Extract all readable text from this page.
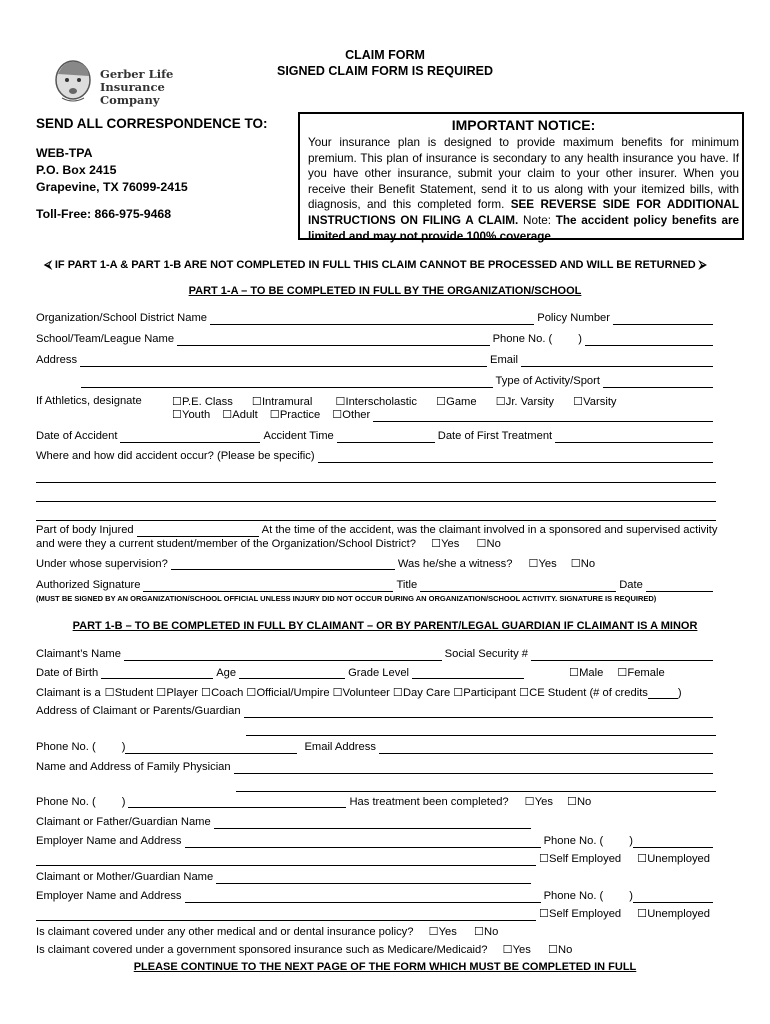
Gerber Life
Insurance Company
CLAIM FORM
SIGNED CLAIM FORM IS REQUIRED
SEND ALL CORRESPONDENCE TO:
WEB-TPA
P.O. Box 2415
Grapevine, TX 76099-2415
Toll-Free: 866-975-9468
IMPORTANT NOTICE:
Your insurance plan is designed to provide maximum benefits for minimum premium. This plan of insurance is secondary to any health insurance you have. If you have other insurance, submit your claim to your other insurer. When you receive their Benefit Statement, send it to us along with your itemized bills, with diagnosis, and this completed form. SEE REVERSE SIDE FOR ADDITIONAL INSTRUCTIONS ON FILING A CLAIM. Note: The accident policy benefits are limited and may not provide 100% coverage.
⮘ IF PART 1-A & PART 1-B ARE NOT COMPLETED IN FULL THIS CLAIM CANNOT BE PROCESSED AND WILL BE RETURNED ⮚
PART 1-A – TO BE COMPLETED IN FULL BY THE ORGANIZATION/SCHOOL
Organization/School District Name	Policy Number
School/Team/League Name	Phone No. ( )
Address	Email
Type of Activity/Sport
If Athletics, designate	☐P.E. Class ☐Intramural ☐Interscholastic ☐Game ☐Jr. Varsity ☐Varsity
☐Youth ☐Adult ☐Practice ☐Other
Date of Accident	Accident Time	Date of First Treatment
Where and how did accident occur? (Please be specific)
Part of body Injured	At the time of the accident, was the claimant involved in a sponsored and supervised activity
and were they a current student/member of the Organization/School District? ☐Yes ☐No
Under whose supervision?	Was he/she a witness? ☐Yes ☐No
Authorized Signature	Title	Date
(MUST BE SIGNED BY AN ORGANIZATION/SCHOOL OFFICIAL UNLESS INJURY DID NOT OCCUR DURING AN ORGANIZATION/SCHOOL ACTIVITY. SIGNATURE IS REQUIRED)
PART 1-B – TO BE COMPLETED IN FULL BY CLAIMANT – OR BY PARENT/LEGAL GUARDIAN IF CLAIMANT IS A MINOR
Claimant’s Name	Social Security #
Date of Birth	Age	Grade Level	☐Male ☐Female
Claimant is a ☐Student ☐Player ☐Coach ☐Official/Umpire ☐Volunteer ☐Day Care ☐Participant ☐CE Student (# of credits	)
Address of Claimant or Parents/Guardian
Phone No. ( )	Email Address
Name and Address of Family Physician
Phone No. ( )	Has treatment been completed? ☐Yes ☐No
Claimant or Father/Guardian Name
Employer Name and Address	Phone No. ( )
☐Self Employed ☐Unemployed
Claimant or Mother/Guardian Name
Employer Name and Address	Phone No. ( )
☐Self Employed ☐Unemployed
Is claimant covered under any other medical and or dental insurance policy? ☐Yes ☐No
Is claimant covered under a government sponsored insurance such as Medicare/Medicaid? ☐Yes ☐No
PLEASE CONTINUE TO THE NEXT PAGE OF THE FORM WHICH MUST BE COMPLETED IN FULL
